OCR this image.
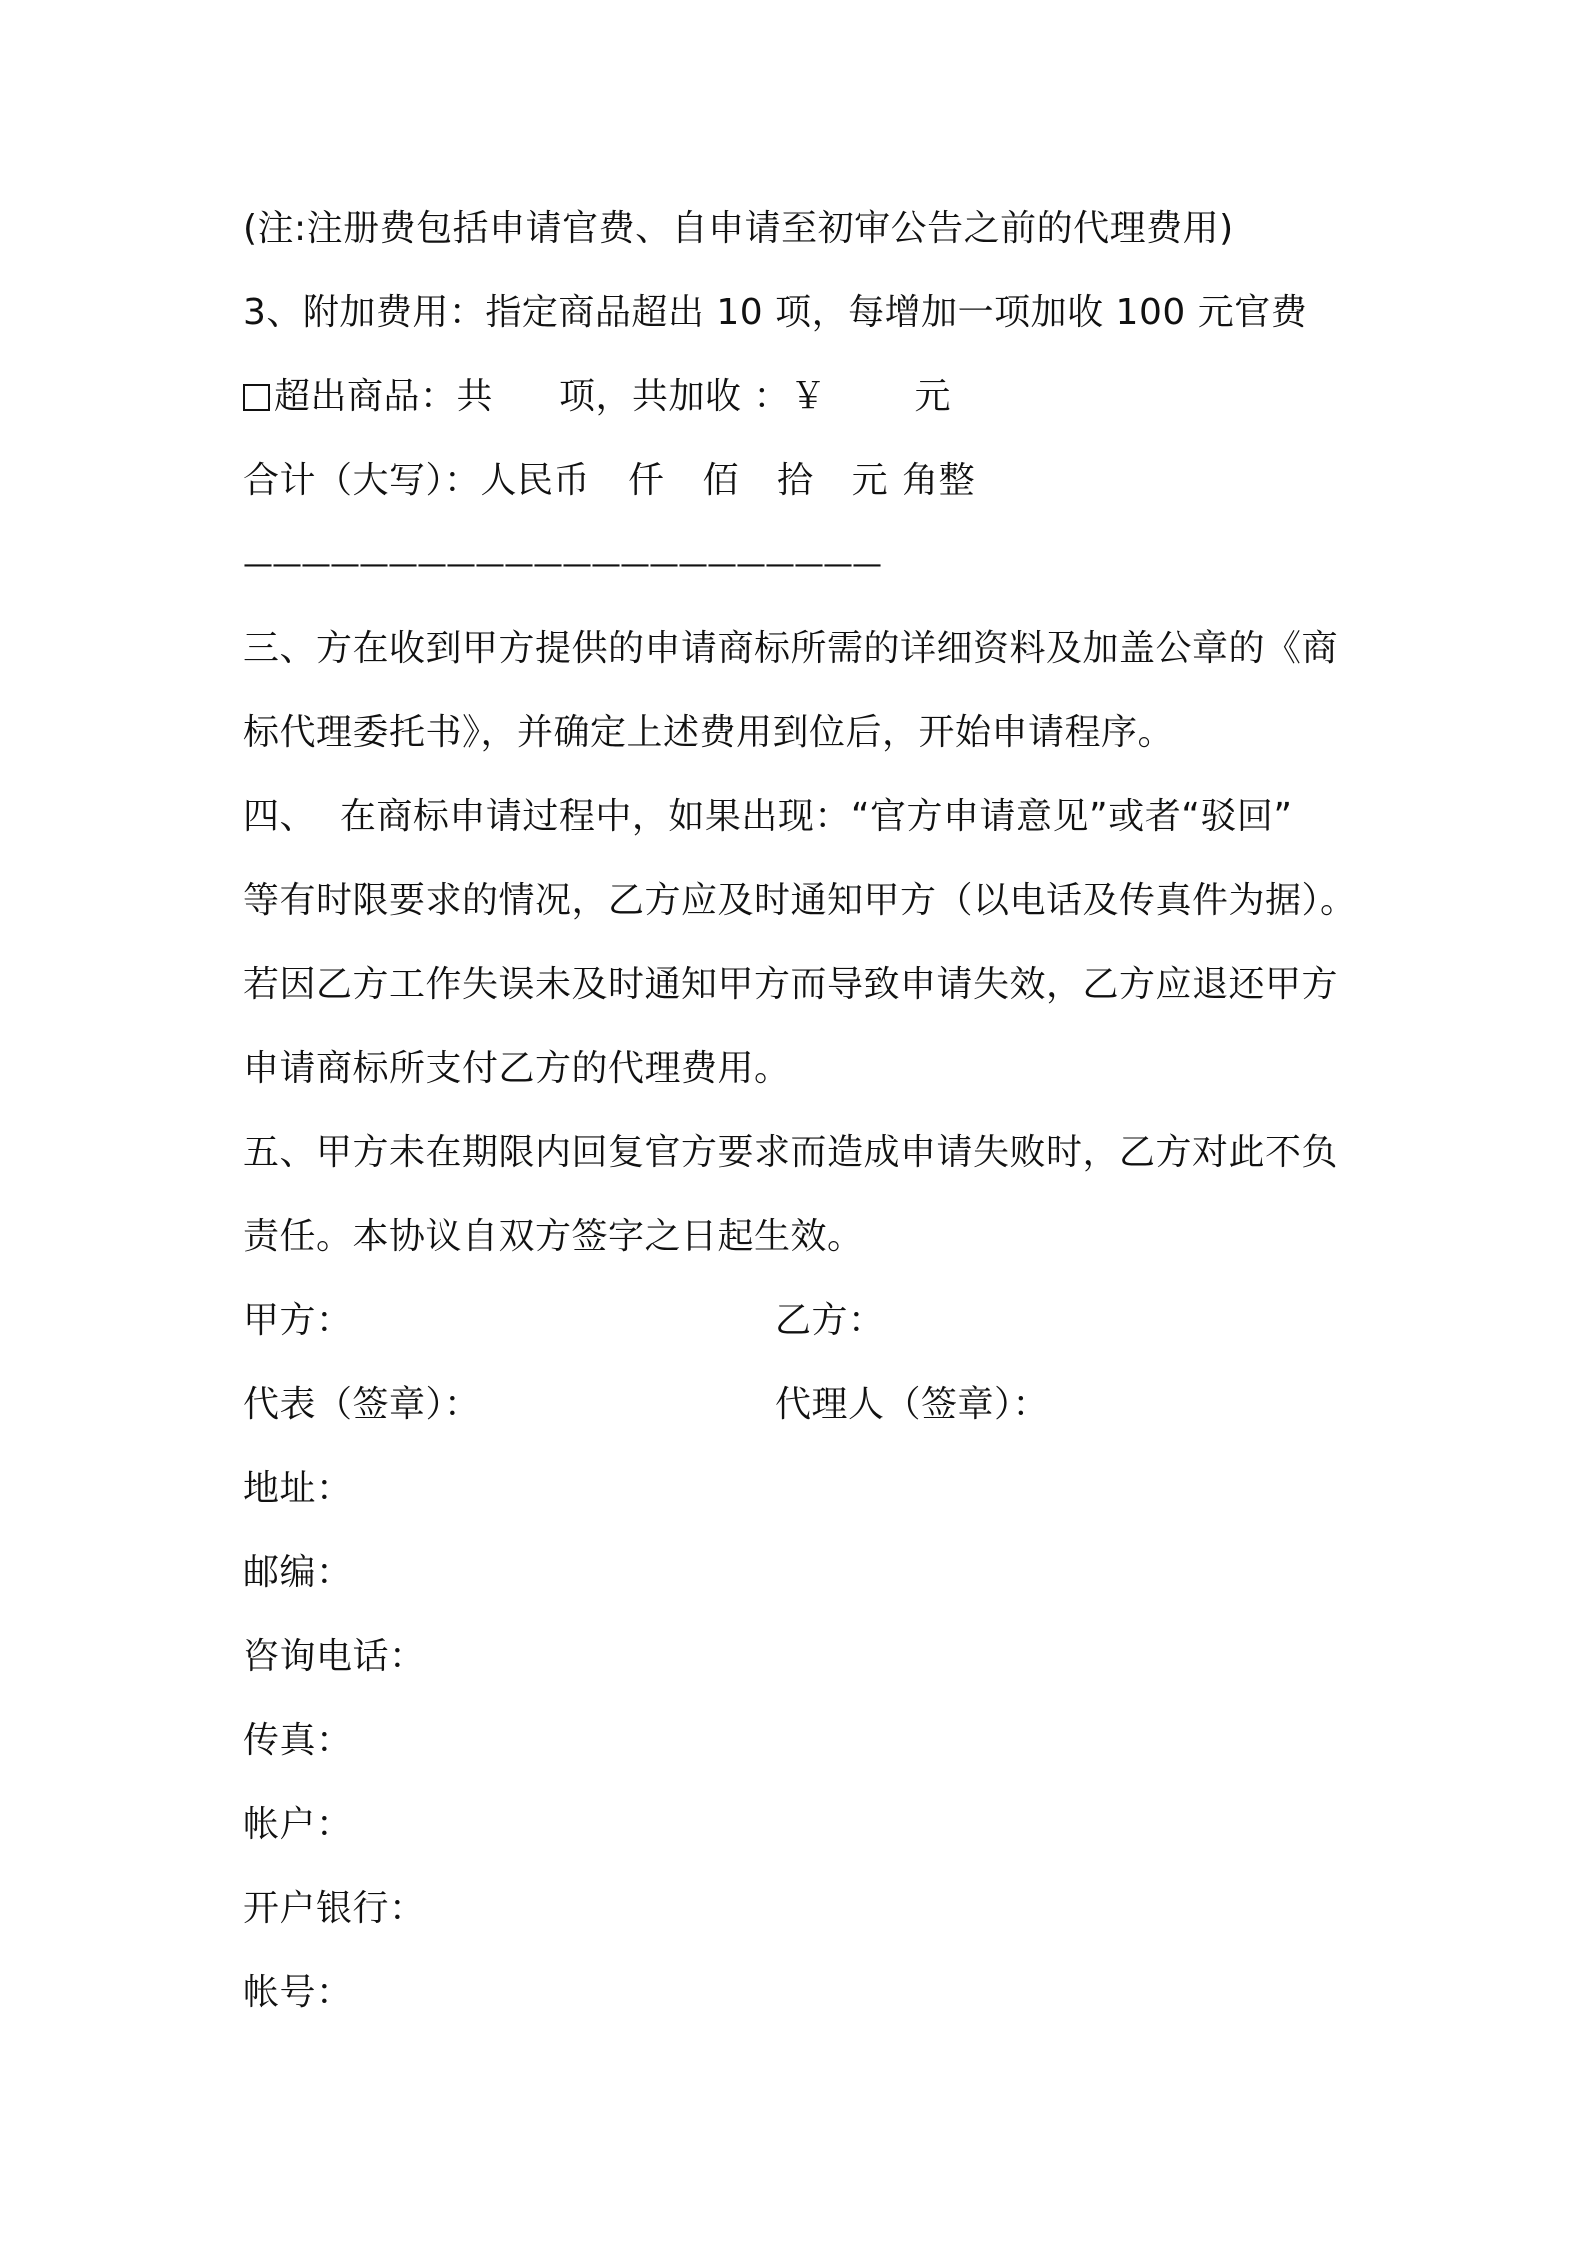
(注:注册费包括申请官费、自申请至初审公告之前的代理费用)
3、附加费用：指定商品超出 10 项，每增加一项加收 100 元官费
超出商品：共 项，共加收 ：￥ 元
合计（大写）：人民币 仟 佰 拾 元 角整
——————————————————————
三、方在收到甲方提供的申请商标所需的详细资料及加盖公章的《商
标代理委托书》，并确定上述费用到位后，开始申请程序。
四、  在商标申请过程中，如果出现：“官方申请意见”或者“驳回”
等有时限要求的情况，乙方应及时通知甲方（以电话及传真件为据）。
若因乙方工作失误未及时通知甲方而导致申请失效，乙方应退还甲方
申请商标所支付乙方的代理费用。
五、甲方未在期限内回复官方要求而造成申请失败时，乙方对此不负
责任。本协议自双方签字之日起生效。
甲方：	乙方：
代表（签章）：	代理人（签章）：
地址：
邮编：
咨询电话：
传真：
帐户：
开户银行：
帐号：
